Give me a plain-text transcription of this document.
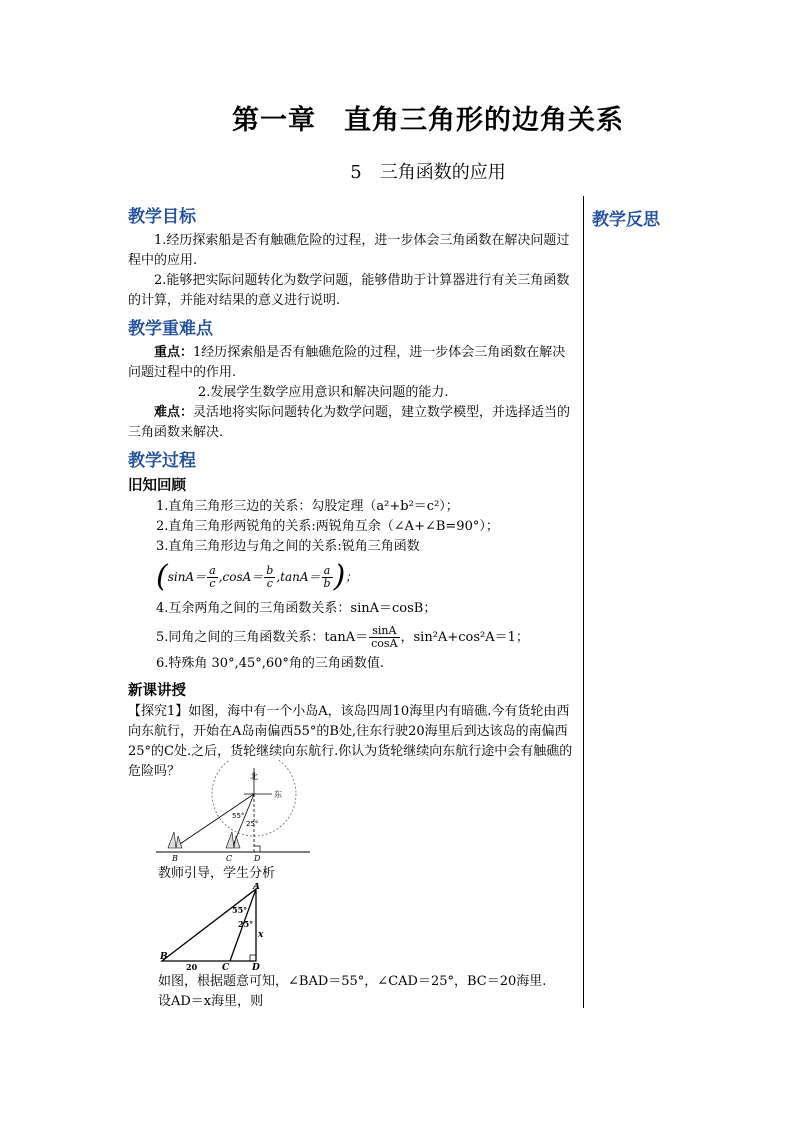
第一章　直角三角形的边角关系
5　三角函数的应用
教学反思
教学目标

1.经历探索船是否有触礁危险的过程，进一步体会三角函数在解决问题过程中的应用.

2.能够把实际问题转化为数学问题，能够借助于计算器进行有关三角函数的计算，并能对结果的意义进行说明.

教学重难点

重点：1经历探索船是否有触礁危险的过程，进一步体会三角函数在解决问题过程中的作用.

2.发展学生数学应用意识和解决问题的能力.

难点：灵活地将实际问题转化为数学问题，建立数学模型，并选择适当的三角函数来解决.

教学过程
旧知回顾

1.直角三角形三边的关系：勾股定理（a²+b²＝c²）；

2.直角三角形两锐角的关系:两锐角互余（∠A+∠B=90°）；

3.直角三角形边与角之间的关系:锐角三角函数

( $\sin A= \frac{a}{c} ,\cos A= \frac{b}{c} ,\tan A= \frac{a}{b}$ ) ；

4.互余两角之间的三角函数关系：sinA＝cosB；

5.同角之间的三角函数关系：$\tan A= \frac{\sin A}{\cos A}$ ，sin²A+cos²A＝1；

6.特殊角 30°,45°,60°角的三角函数值.

新课讲授

【探究1】如图，海中有一个小岛A，该岛四周10海里内有暗礁.今有货轮由西向东航行，开始在A岛南偏西55°的B处,往东行驶20海里后到达该岛的南偏西25°的C处.之后，货轮继续向东航行.你认为货轮继续向东航行途中会有触礁的危险吗？	北
东
55°
25°
B	C	D
教师引导，学生分析
A
55°
25°
x
B
20	C	D

如图，根据题意可知，∠BAD＝55°，∠CAD＝25°，BC＝20海里.

设AD＝x海里，则
